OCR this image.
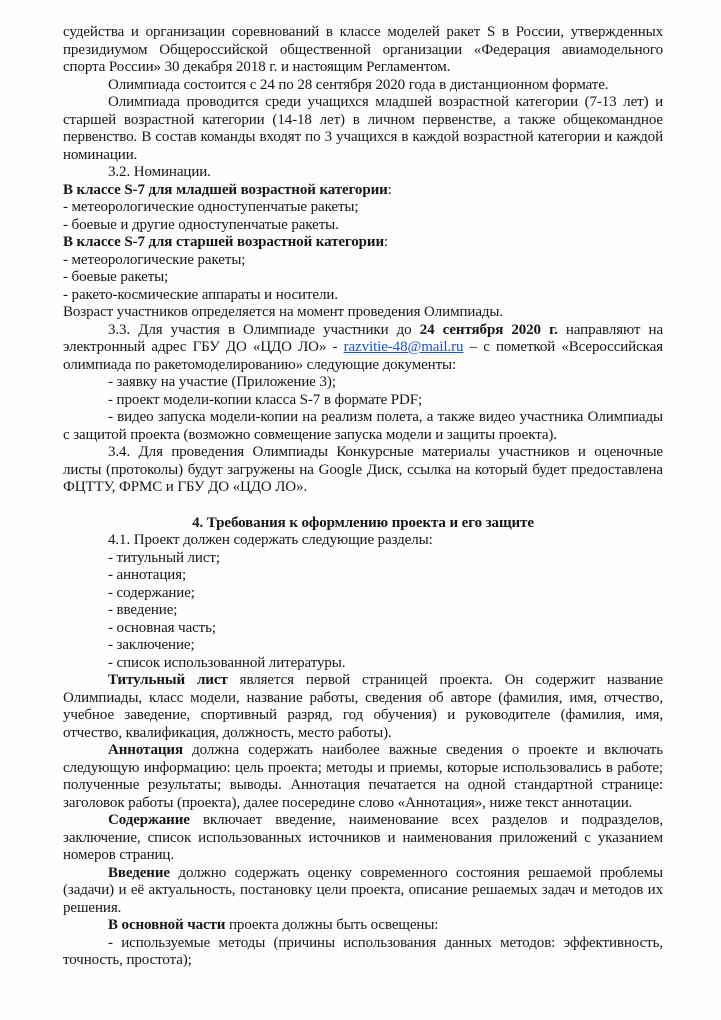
судейства и организации соревнований в классе моделей ракет S в России, утвержденных президиумом Общероссийской общественной организации «Федерация авиамодельного спорта России» 30 декабря 2018 г. и настоящим Регламентом.

Олимпиада состоится с 24 по 28 сентября 2020 года в дистанционном формате.

Олимпиада проводится среди учащихся младшей возрастной категории (7-13 лет) и старшей возрастной категории (14-18 лет) в личном первенстве, а также общекомандное первенство. В состав команды входят по 3 учащихся в каждой возрастной категории и каждой номинации.

3.2. Номинации.

В классе S-7 для младшей возрастной категории:

- метеорологические одноступенчатые ракеты;

- боевые и другие одноступенчатые ракеты.

В классе S-7 для старшей возрастной категории:

- метеорологические ракеты;

- боевые ракеты;

- ракето-космические аппараты и носители.

Возраст участников определяется на момент проведения Олимпиады.

3.3. Для участия в Олимпиаде участники до 24 сентября 2020 г. направляют на электронный адрес ГБУ ДО «ЦДО ЛО» - razvitie-48@mail.ru – с пометкой «Всероссийская олимпиада по ракетомоделированию» следующие документы:

- заявку на участие (Приложение 3);

- проект модели-копии класса S-7 в формате PDF;

- видео запуска модели-копии на реализм полета, а также видео участника Олимпиады с защитой проекта (возможно совмещение запуска модели и защиты проекта).

3.4. Для проведения Олимпиады Конкурсные материалы участников и оценочные листы (протоколы) будут загружены на Google Диск, ссылка на который будет предоставлена ФЦТТУ, ФРМС и ГБУ ДО «ЦДО ЛО».

4. Требования к оформлению проекта и его защите

4.1. Проект должен содержать следующие разделы:

- титульный лист;

- аннотация;

- содержание;

- введение;

- основная часть;

- заключение;

- список использованной литературы.

Титульный лист является первой страницей проекта. Он содержит название Олимпиады, класс модели, название работы, сведения об авторе (фамилия, имя, отчество, учебное заведение, спортивный разряд, год обучения) и руководителе (фамилия, имя, отчество, квалификация, должность, место работы).

Аннотация должна содержать наиболее важные сведения о проекте и включать следующую информацию: цель проекта; методы и приемы, которые использовались в работе; полученные результаты; выводы. Аннотация печатается на одной стандартной странице: заголовок работы (проекта), далее посередине слово «Аннотация», ниже текст аннотации.

Содержание включает введение, наименование всех разделов и подразделов, заключение, список использованных источников и наименования приложений с указанием номеров страниц.

Введение должно содержать оценку современного состояния решаемой проблемы (задачи) и её актуальность, постановку цели проекта, описание решаемых задач и методов их решения.

В основной части проекта должны быть освещены:

- используемые методы (причины использования данных методов: эффективность, точность, простота);
